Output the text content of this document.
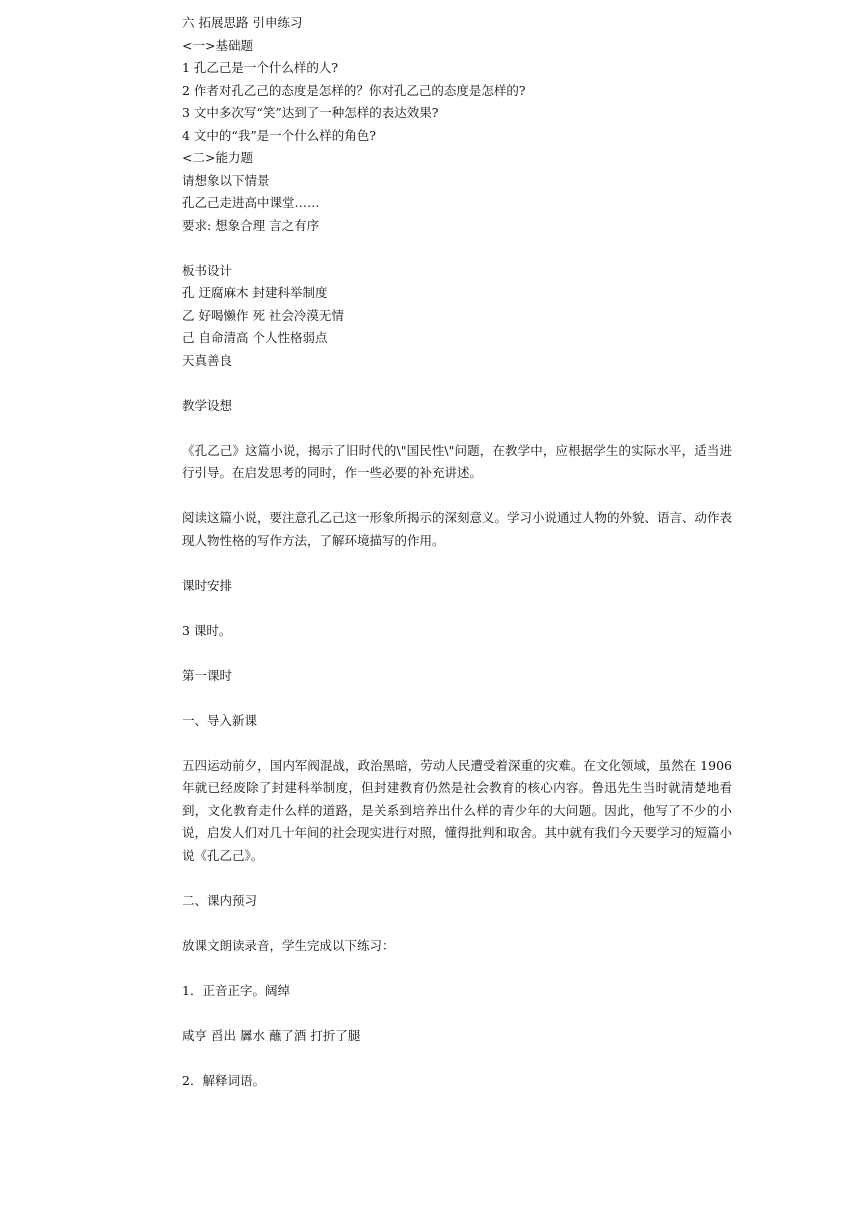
六 拓展思路 引申练习
<一>基础题
1 孔乙己是一个什么样的人?
2 作者对孔乙己的态度是怎样的？你对孔乙己的态度是怎样的?
3 文中多次写“笑”达到了一种怎样的表达效果?
4 文中的“我”是一个什么样的角色?
<二>能力题
请想象以下情景
孔乙己走进高中课堂……
要求: 想象合理 言之有序
板书设计
孔 迂腐麻木 封建科举制度
乙 好喝懒作 死 社会冷漠无情
己 自命清高 个人性格弱点
天真善良
教学设想
《孔乙己》这篇小说，揭示了旧时代的\"国民性\"问题，在教学中，应根据学生的实际水平，适当进行引导。在启发思考的同时，作一些必要的补充讲述。
阅读这篇小说，要注意孔乙己这一形象所揭示的深刻意义。学习小说通过人物的外貌、语言、动作表现人物性格的写作方法，了解环境描写的作用。
课时安排
3 课时。
第一课时
一、导入新课
五四运动前夕，国内军阀混战，政治黑暗，劳动人民遭受着深重的灾难。在文化领域，虽然在 1906 年就已经废除了封建科举制度，但封建教育仍然是社会教育的核心内容。鲁迅先生当时就清楚地看到，文化教育走什么样的道路，是关系到培养出什么样的青少年的大问题。因此，他写了不少的小说，启发人们对几十年间的社会现实进行对照，懂得批判和取舍。其中就有我们今天要学习的短篇小说《孔乙己》。
二、课内预习
放课文朗读录音，学生完成以下练习：
1．正音正字。阔绰
咸亨 舀出 羼水 蘸了酒 打折了腿
2．解释词语。
